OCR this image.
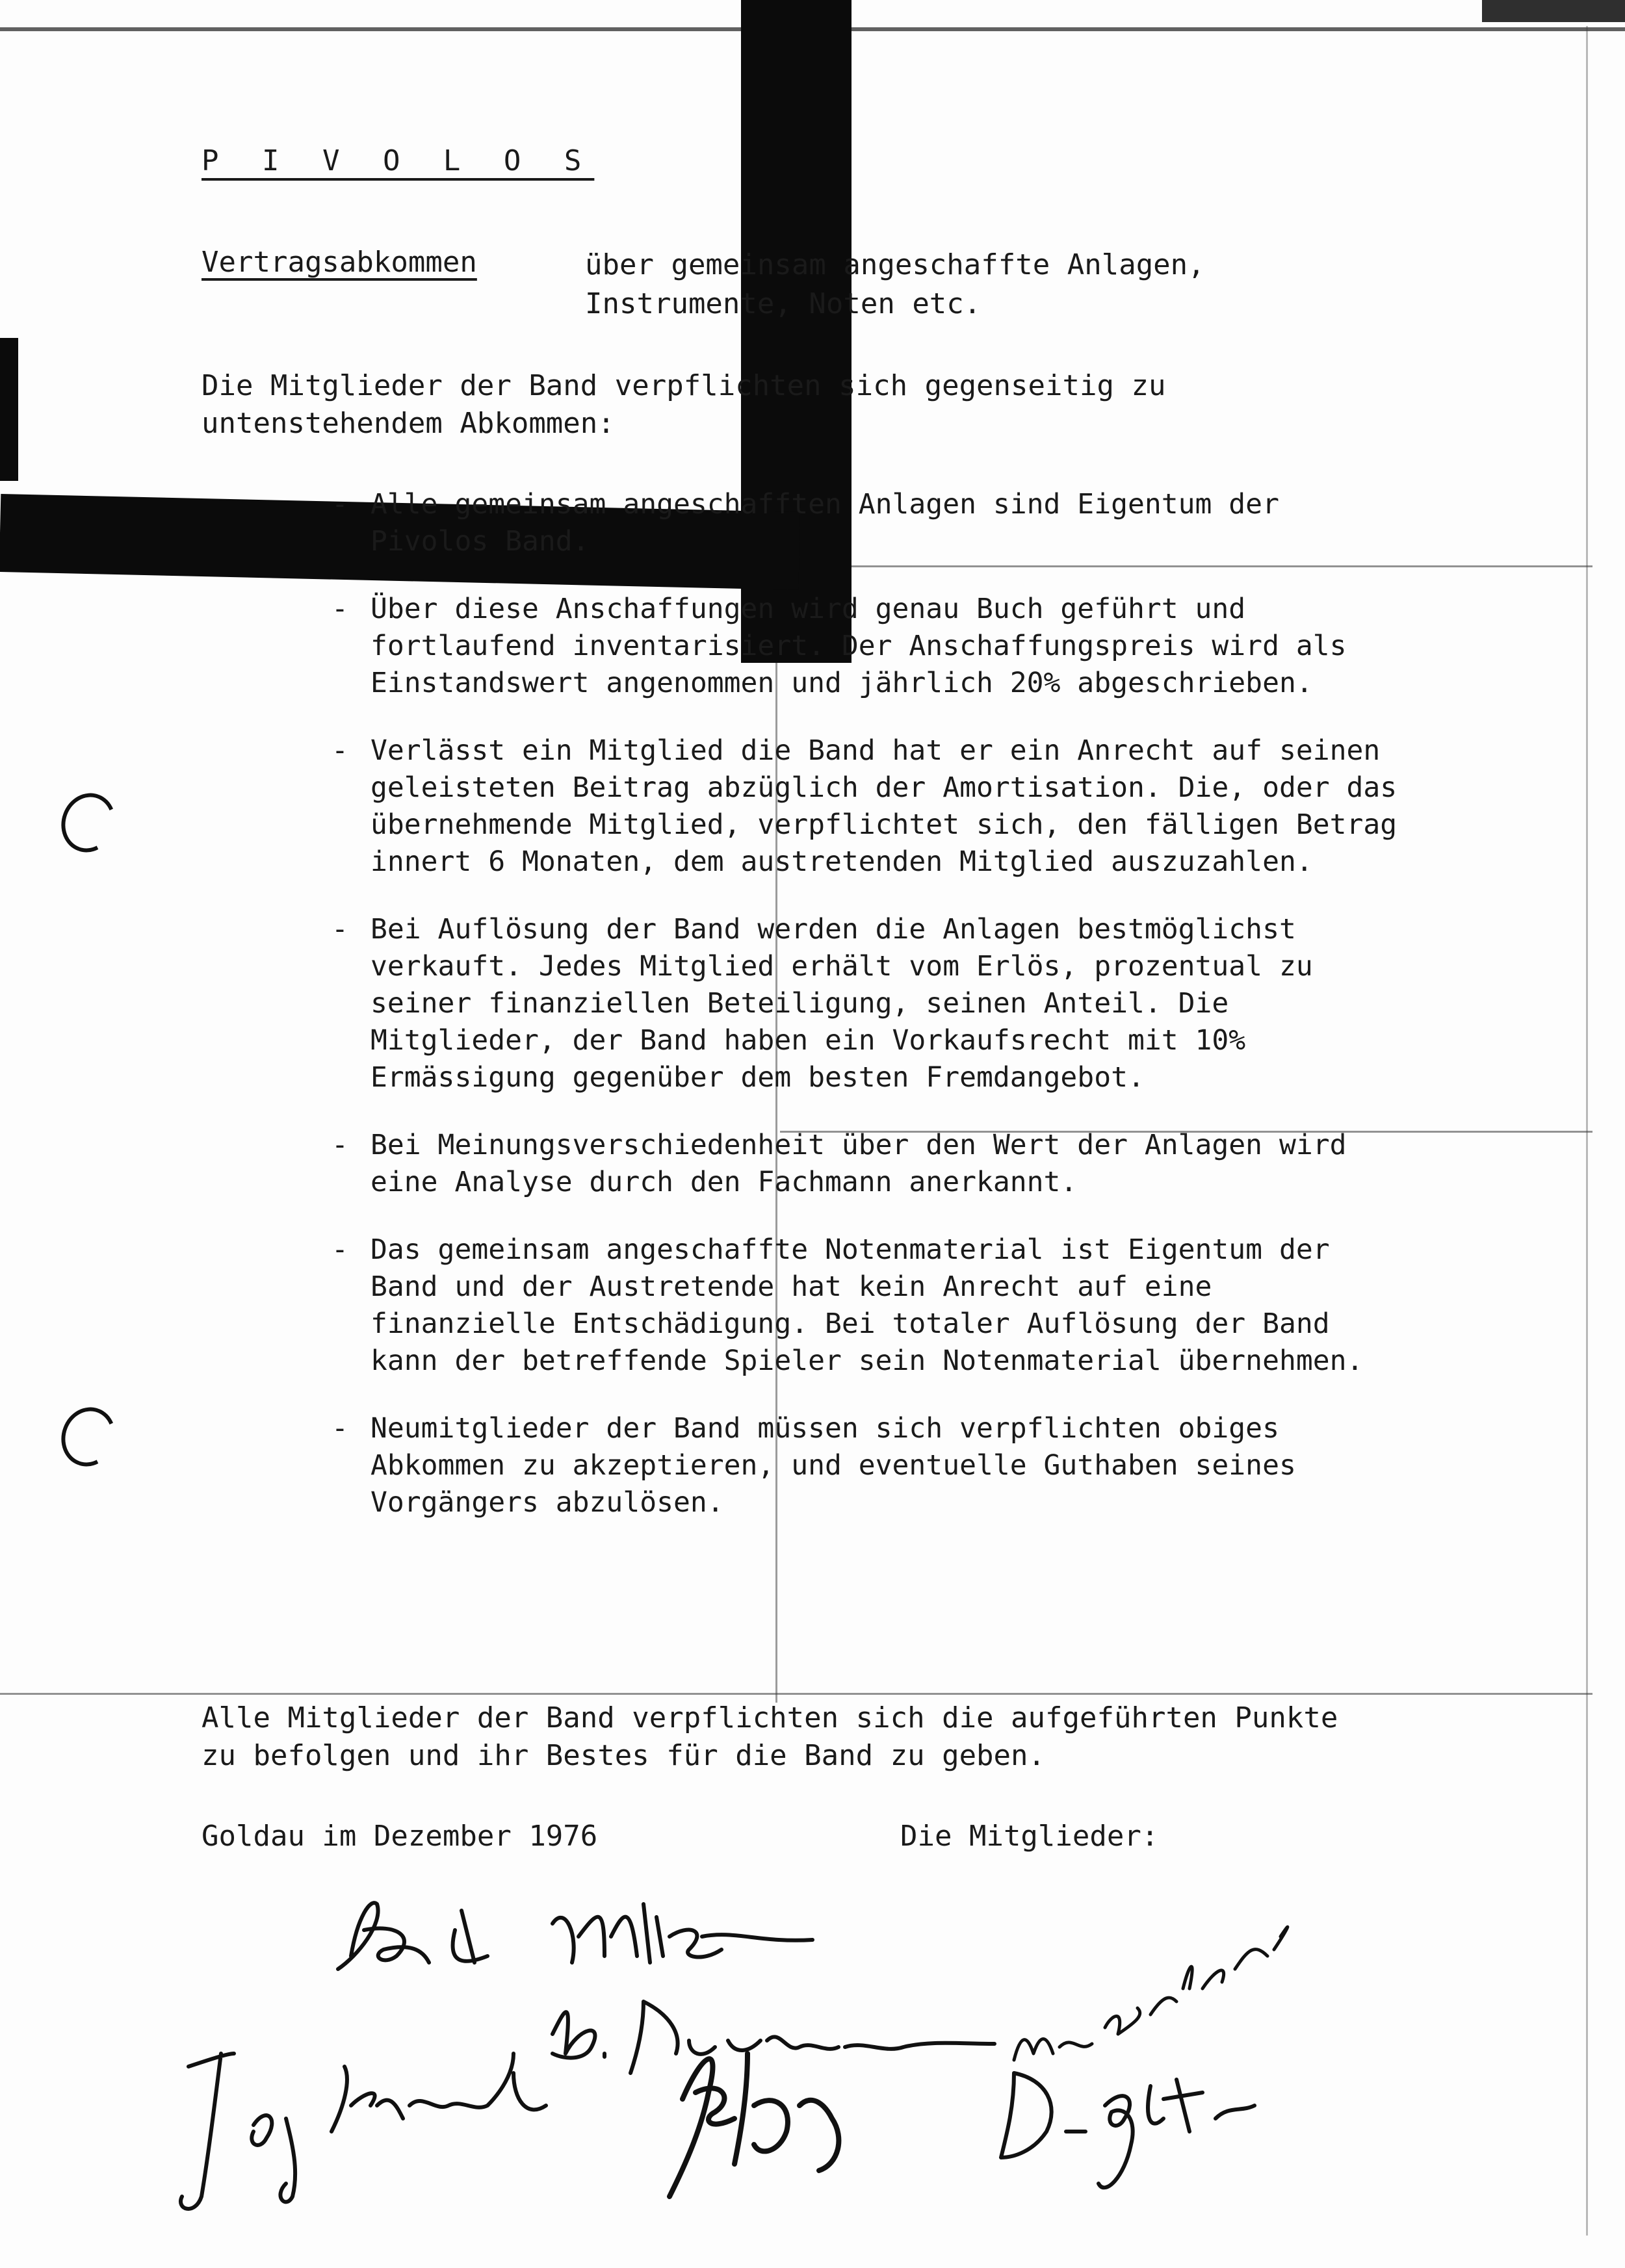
P I V O L O S
Vertragsabkommen	über gemeinsam angeschaffte Anlagen,
Instrumente, Noten etc.
Die Mitglieder der Band verpflichten sich gegenseitig zu untenstehendem Abkommen:
- Alle gemeinsam angeschafften Anlagen sind Eigentum der Pivolos Band.
- Über diese Anschaffungen wird genau Buch geführt und fortlaufend inventarisiert. Der Anschaffungspreis wird als Einstandswert angenommen und jährlich 20% abgeschrieben.
- Verlässt ein Mitglied die Band hat er ein Anrecht auf seinen geleisteten Beitrag abzüglich der Amortisation. Die, oder das übernehmende Mitglied, verpflichtet sich, den fälligen Betrag innert 6 Monaten, dem austretenden Mitglied auszuzahlen.
- Bei Auflösung der Band werden die Anlagen bestmöglichst verkauft. Jedes Mitglied erhält vom Erlös, prozentual zu seiner finanziellen Beteiligung, seinen Anteil. Die Mitglieder, der Band haben ein Vorkaufsrecht mit 10% Ermässigung gegenüber dem besten Fremdangebot.
- Bei Meinungsverschiedenheit über den Wert der Anlagen wird eine Analyse durch den Fachmann anerkannt.
- Das gemeinsam angeschaffte Notenmaterial ist Eigentum der Band und der Austretende hat kein Anrecht auf eine finanzielle Entschädigung. Bei totaler Auflösung der Band kann der betreffende Spieler sein Notenmaterial übernehmen.
- Neumitglieder der Band müssen sich verpflichten obiges Abkommen zu akzeptieren, und eventuelle Guthaben seines Vorgängers abzulösen.
Alle Mitglieder der Band verpflichten sich die aufgeführten Punkte zu befolgen und ihr Bestes für die Band zu geben.
Goldau im Dezember 1976	Die Mitglieder:
